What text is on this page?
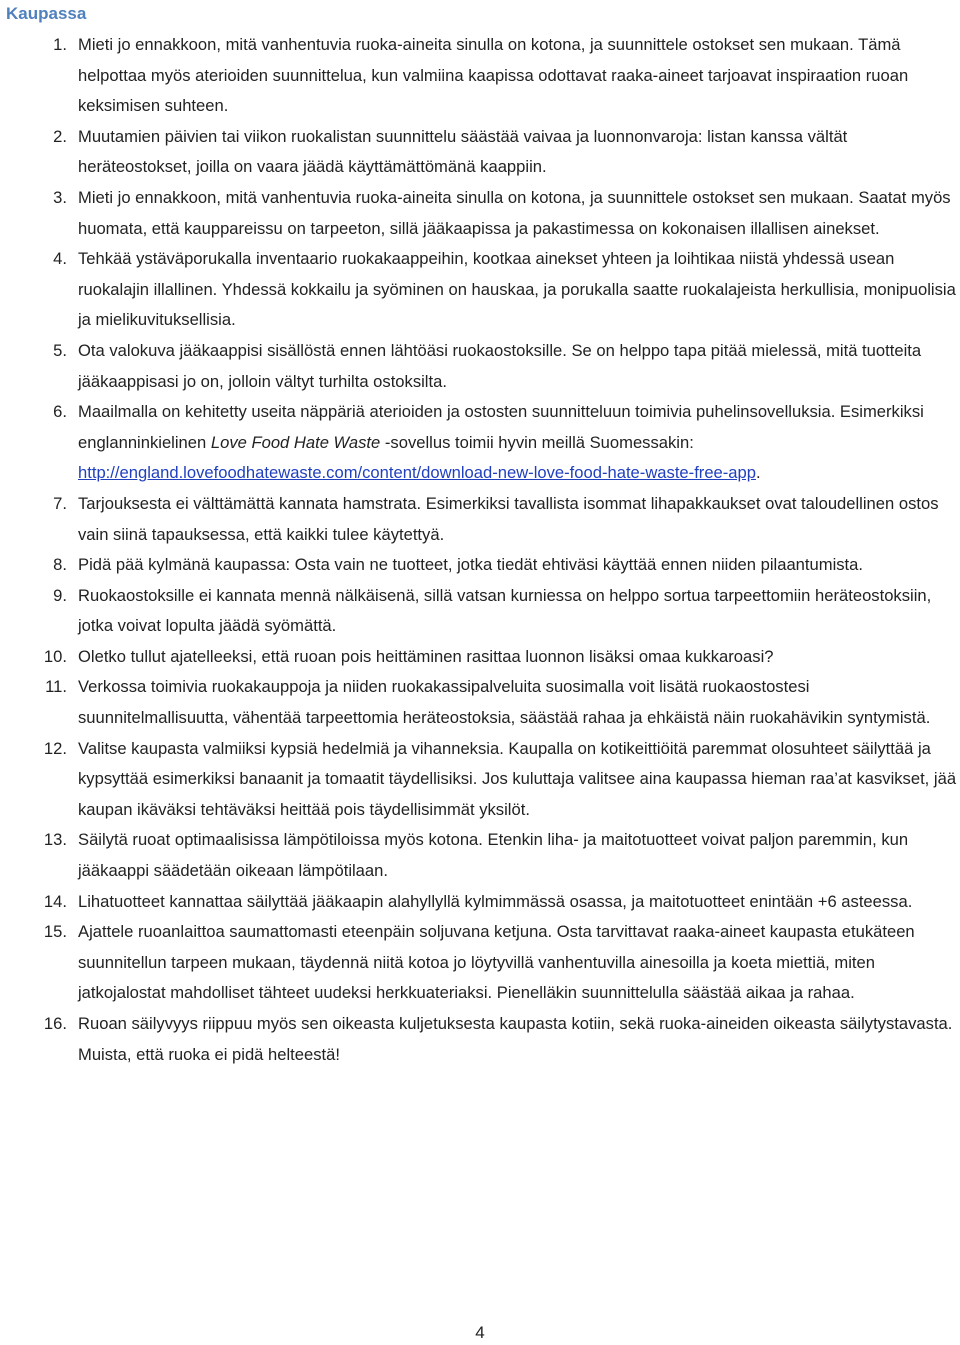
Kaupassa
1. Mieti jo ennakkoon, mitä vanhentuvia ruoka-aineita sinulla on kotona, ja suunnittele ostokset sen mukaan. Tämä helpottaa myös aterioiden suunnittelua, kun valmiina kaapissa odottavat raaka-aineet tarjoavat inspiraation ruoan keksimisen suhteen.
2. Muutamien päivien tai viikon ruokalistan suunnittelu säästää vaivaa ja luonnonvaroja: listan kanssa vältät heräteostokset, joilla on vaara jäädä käyttämättömänä kaappiin.
3. Mieti jo ennakkoon, mitä vanhentuvia ruoka-aineita sinulla on kotona, ja suunnittele ostokset sen mukaan. Saatat myös huomata, että kauppareissu on tarpeeton, sillä jääkaapissa ja pakastimessa on kokonaisen illallisen ainekset.
4. Tehkää ystäväporukalla inventaario ruokakaappeihin, kootkaa ainekset yhteen ja loihtikaa niistä yhdessä usean ruokalajin illallinen. Yhdessä kokkailu ja syöminen on hauskaa, ja porukalla saatte ruokalajeista herkullisia, monipuolisia ja mielikuvituksellisia.
5. Ota valokuva jääkaappisi sisällöstä ennen lähtöäsi ruokaostoksille. Se on helppo tapa pitää mielessä, mitä tuotteita jääkaappisasi jo on, jolloin vältyt turhilta ostoksilta.
6. Maailmalla on kehitetty useita näppäriä aterioiden ja ostosten suunnitteluun toimivia puhelinsovelluksia. Esimerkiksi englanninkielinen Love Food Hate Waste -sovellus toimii hyvin meillä Suomessakin: http://england.lovefoodhatewaste.com/content/download-new-love-food-hate-waste-free-app.
7. Tarjouksesta ei välttämättä kannata hamstrata. Esimerkiksi tavallista isommat lihapakkaukset ovat taloudellinen ostos vain siinä tapauksessa, että kaikki tulee käytettyä.
8. Pidä pää kylmänä kaupassa: Osta vain ne tuotteet, jotka tiedät ehtiväsi käyttää ennen niiden pilaantumista.
9. Ruokaostoksille ei kannata mennä nälkäisenä, sillä vatsan kurniessa on helppo sortua tarpeettomiin heräteostoksiin, jotka voivat lopulta jäädä syömättä.
10. Oletko tullut ajatelleeksi, että ruoan pois heittäminen rasittaa luonnon lisäksi omaa kukkaroasi?
11. Verkossa toimivia ruokakauppoja ja niiden ruokakassipalveluita suosimalla voit lisätä ruokaostostesi suunnitelmallisuutta, vähentää tarpeettomia heräteostoksia, säästää rahaa ja ehkäistä näin ruokahävikin syntymistä.
12. Valitse kaupasta valmiiksi kypsiä hedelmiä ja vihanneksia. Kaupalla on kotikeittiöitä paremmat olosuhteet säilyttää ja kypsyttää esimerkiksi banaanit ja tomaatit täydellisiksi. Jos kuluttaja valitsee aina kaupassa hieman raa’at kasvikset, jää kaupan ikäväksi tehtäväksi heittää pois täydellisimmät yksilöt.
13. Säilytä ruoat optimaalisissa lämpötiloissa myös kotona. Etenkin liha- ja maitotuotteet voivat paljon paremmin, kun jääkaappi säädetään oikeaan lämpötilaan.
14. Lihatuotteet kannattaa säilyttää jääkaapin alahyllyllä kylmimmässä osassa, ja maitotuotteet enintään +6 asteessa.
15. Ajattele ruoanlaittoa saumattomasti eteenpäin soljuvana ketjuna. Osta tarvittavat raaka-aineet kaupasta etukäteen suunnitellun tarpeen mukaan, täydennä niitä kotoa jo löytyvillä vanhentuvilla ainesoilla ja koeta miettiä, miten jatkojalostat mahdolliset tähteet uudeksi herkkuateriaksi. Pienelläkin suunnittelulla säästää aikaa ja rahaa.
16. Ruoan säilyvyys riippuu myös sen oikeasta kuljetuksesta kaupasta kotiin, sekä ruoka-aineiden oikeasta säilytystavasta. Muista, että ruoka ei pidä helteestä!
4
